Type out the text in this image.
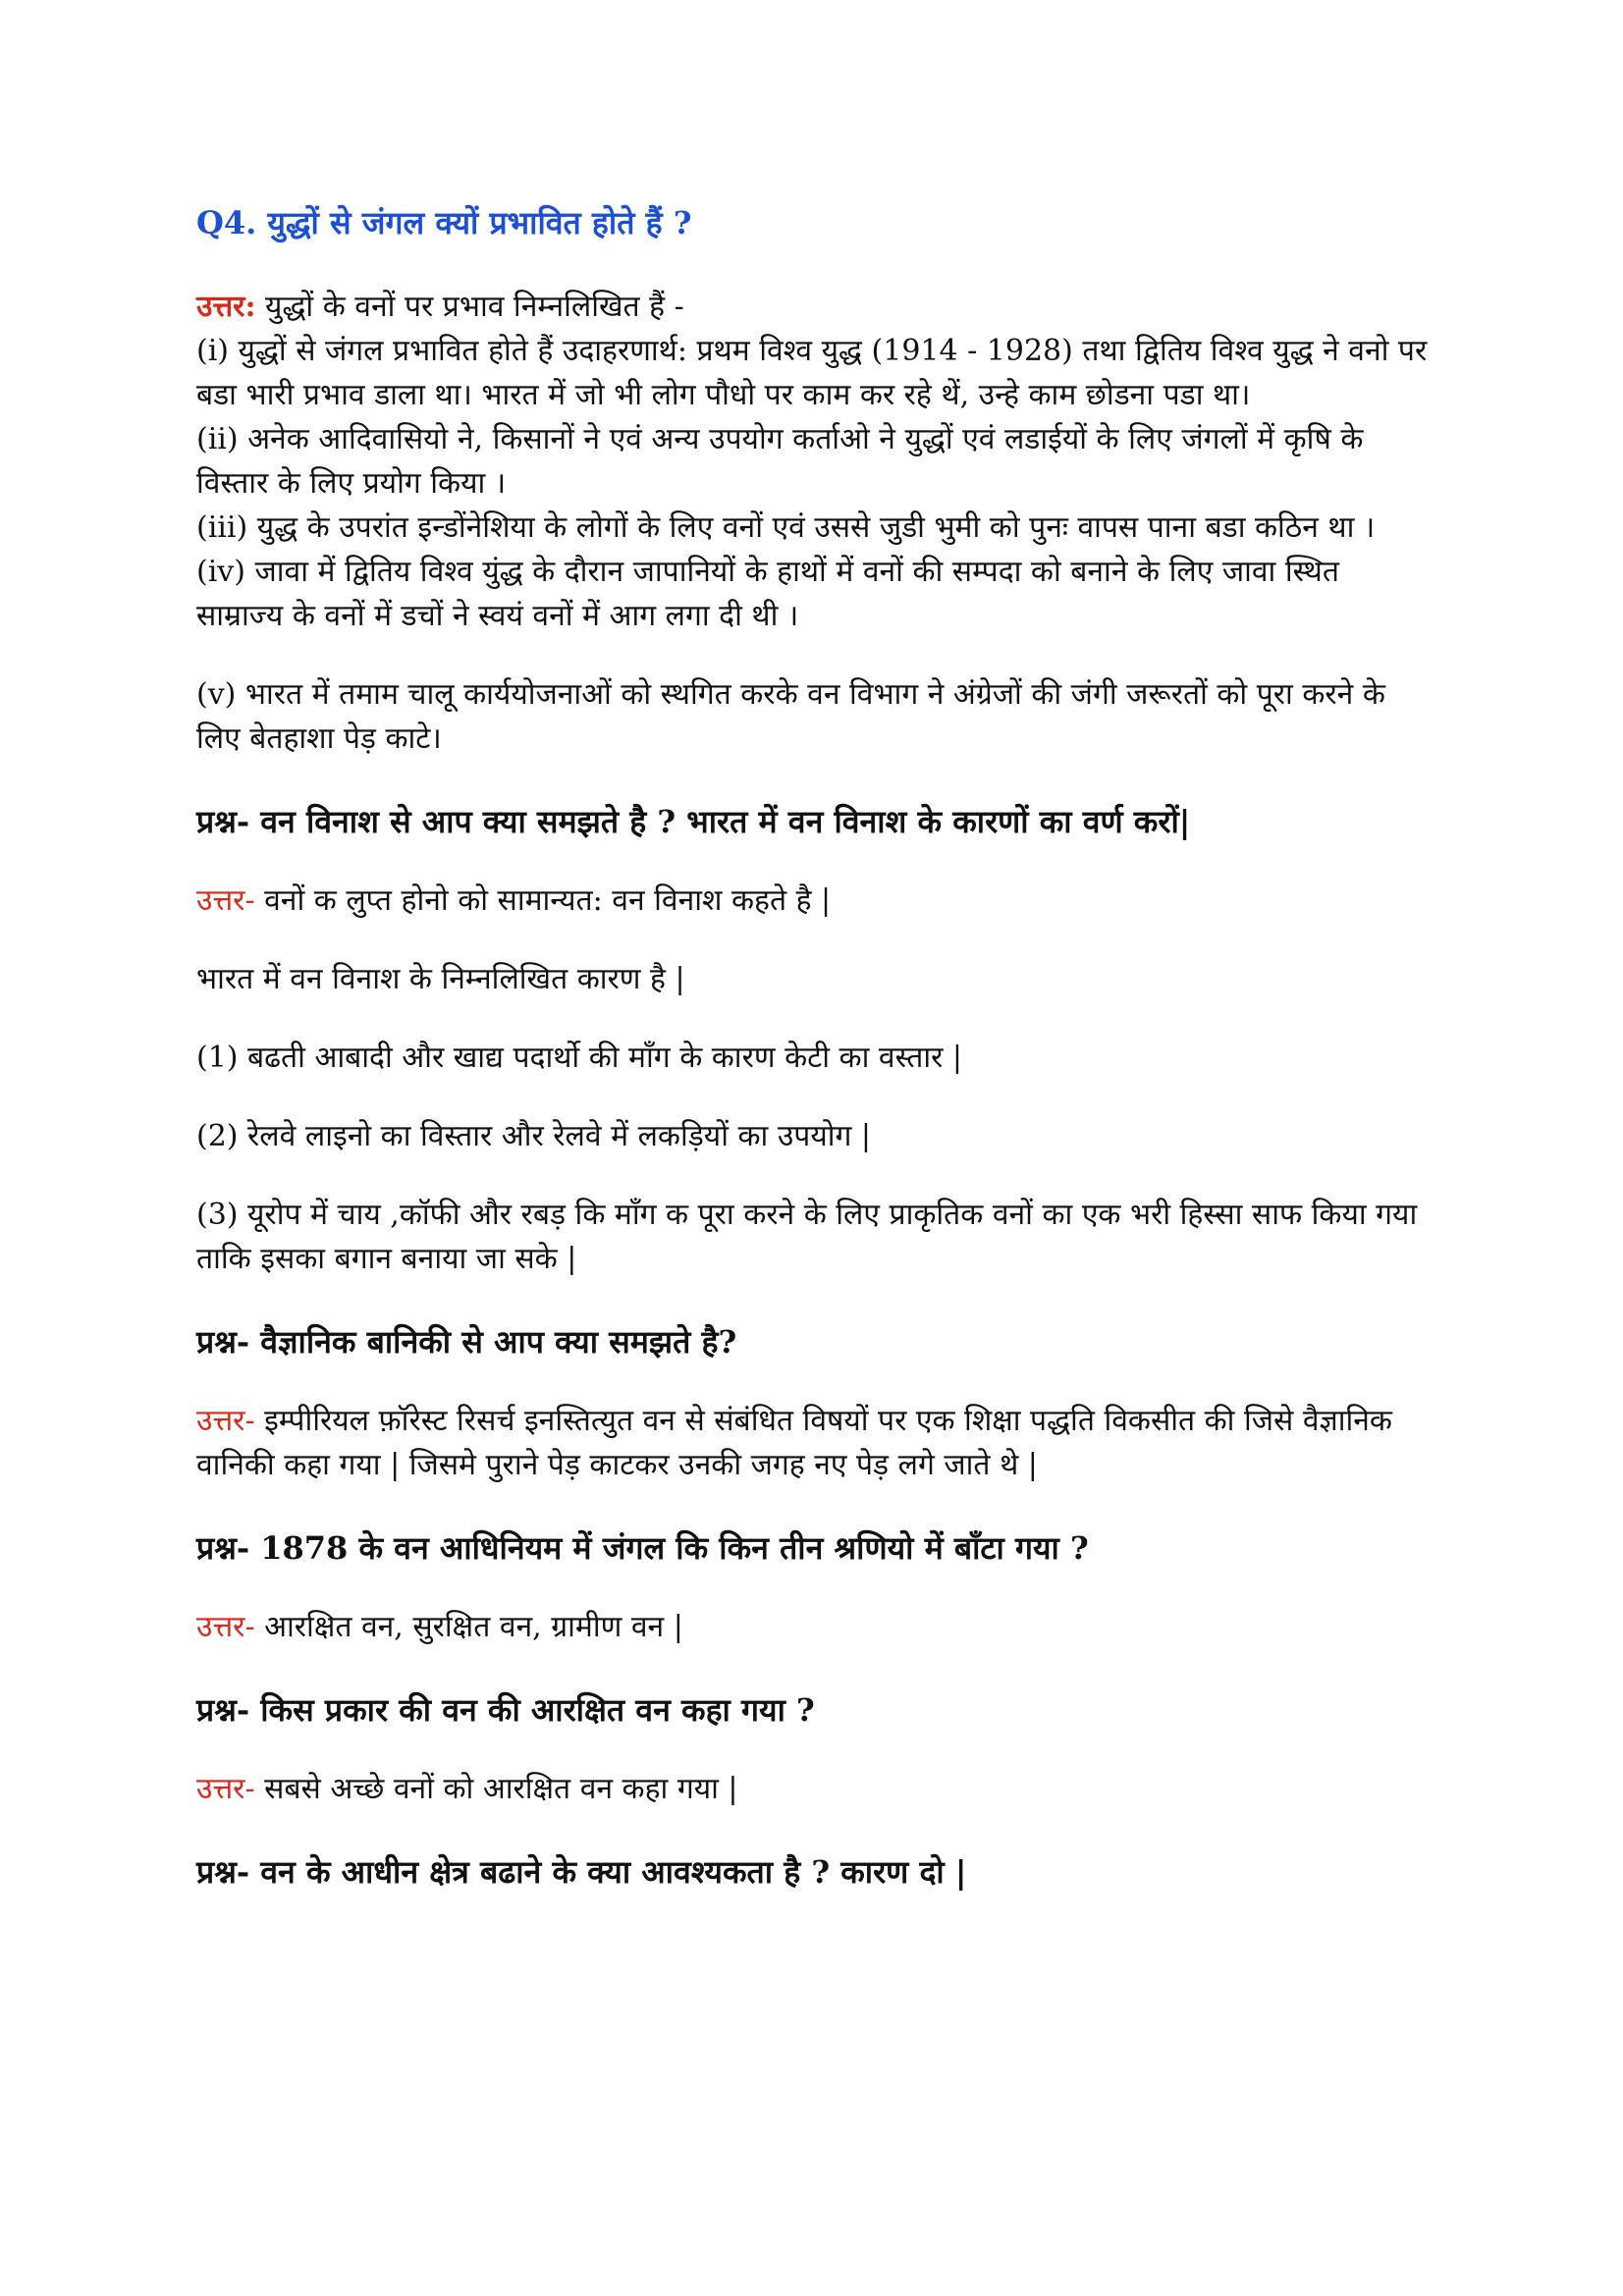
Q4. युद्धों से जंगल क्यों प्रभावित होते हैं ?

उत्तर: युद्धों के वनों पर प्रभाव निम्नलिखित हैं -

(i) युद्धों से जंगल प्रभावित होते हैं उदाहरणार्थ: प्रथम विश्व युद्ध (1914 - 1928) तथा द्वितिय विश्व युद्ध ने वनो पर बडा भारी प्रभाव डाला था। भारत में जो भी लोग पौधो पर काम कर रहे थें, उन्हे काम छोडना पडा था।

(ii) अनेक आदिवासियो ने, किसानों ने एवं अन्य उपयोग कर्ताओ ने युद्धों एवं लडाईयों के लिए जंगलों में कृषि के विस्तार के लिए प्रयोग किया ।

(iii) युद्ध के उपरांत इन्डोंनेशिया के लोगों के लिए वनों एवं उससे जुडी भुमी को पुनः वापस पाना बडा कठिन था ।

(iv) जावा में द्वितिय विश्व युंद्ध के दौरान जापानियों के हाथों में वनों की सम्पदा को बनाने के लिए जावा स्थित साम्राज्य के वनों में डचों ने स्वयं वनों में आग लगा दी थी ।

(v) भारत में तमाम चालू कार्ययोजनाओं को स्थगित करके वन विभाग ने अंग्रेजों की जंगी जरूरतों को पूरा करने के लिए बेतहाशा पेड़ काटे।

प्रश्न- वन विनाश से आप क्या समझते है ? भारत में वन विनाश के कारणों का वर्ण करों|

उत्तर- वनों क लुप्त होनो को सामान्यत: वन विनाश कहते है |

भारत में वन विनाश के निम्नलिखित कारण है |

(1) बढती आबादी और खाद्य पदार्थो की माँग के कारण केटी का वस्तार |

(2) रेलवे लाइनो का विस्तार और रेलवे में लकड़ियों का उपयोग |

(3) यूरोप में चाय ,कॉफी और रबड़ कि माँग क पूरा करने के लिए प्राकृतिक वनों का एक भरी हिस्सा साफ किया गया ताकि इसका बगान बनाया जा सके |

प्रश्न- वैज्ञानिक बानिकी से आप क्या समझते है?

उत्तर- इम्पीरियल फ़ॉरेस्ट रिसर्च इनस्तित्युत वन से संबंधित विषयों पर एक शिक्षा पद्धति विकसीत की जिसे वैज्ञानिक वानिकी कहा गया | जिसमे पुराने पेड़ काटकर उनकी जगह नए पेड़ लगे जाते थे |

प्रश्न- 1878 के वन आधिनियम में जंगल कि किन तीन श्रणियो में बाँटा गया ?

उत्तर- आरक्षित वन, सुरक्षित वन, ग्रामीण वन |

प्रश्न- किस प्रकार की वन की आरक्षित वन कहा गया ?

उत्तर- सबसे अच्छे वनों को आरक्षित वन कहा गया |

प्रश्न- वन के आधीन क्षेत्र बढाने के क्या आवश्यकता है ? कारण दो |
